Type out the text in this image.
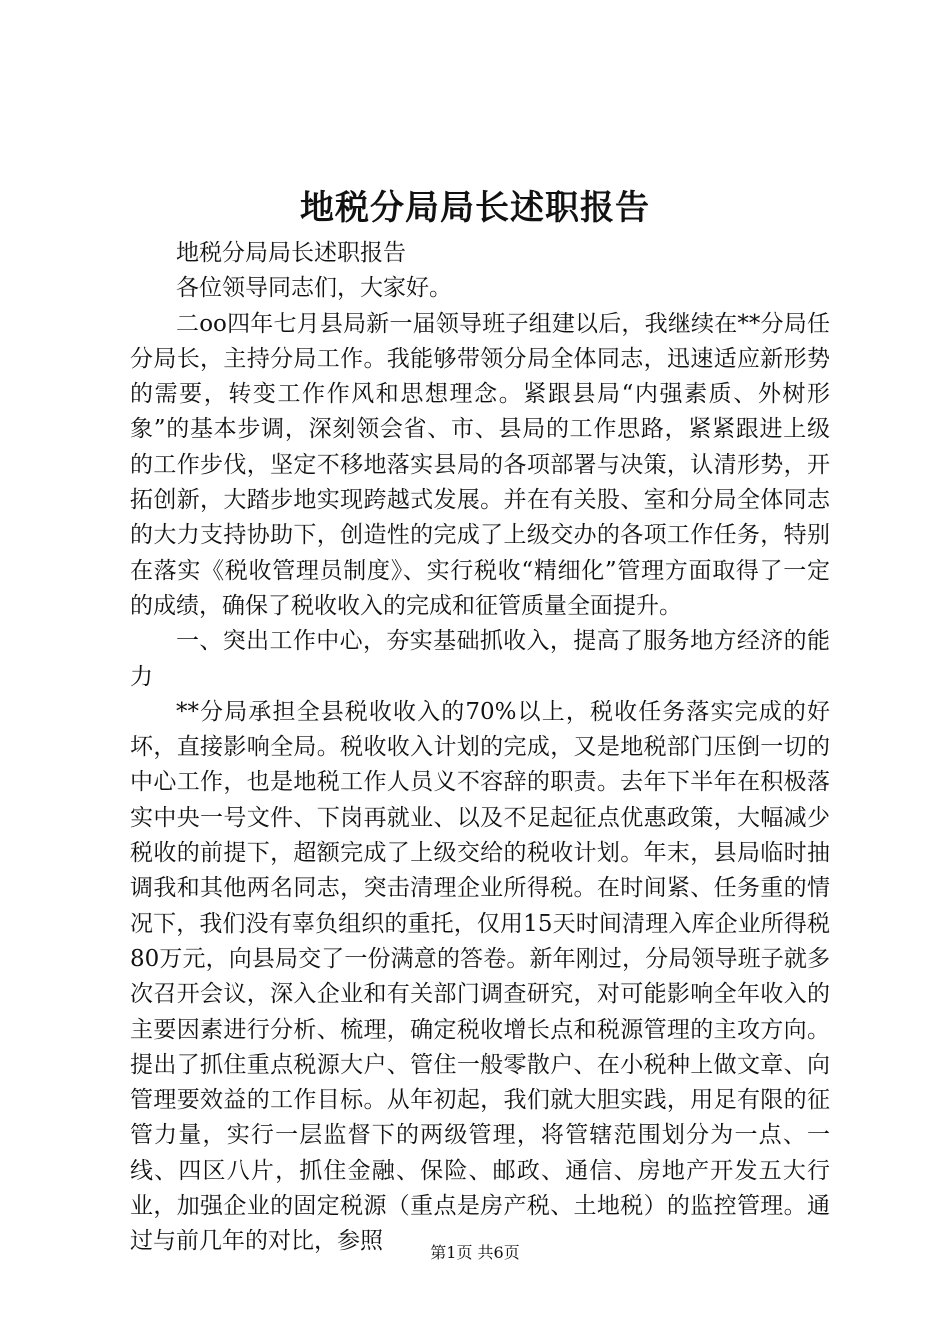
地税分局局长述职报告

地税分局局长述职报告

各位领导同志们，大家好。

二oo四年七月县局新一届领导班子组建以后，我继续在**分局任分局长，主持分局工作。我能够带领分局全体同志，迅速适应新形势的需要，转变工作作风和思想理念。紧跟县局“内强素质、外树形象”的基本步调，深刻领会省、市、县局的工作思路，紧紧跟进上级的工作步伐，坚定不移地落实县局的各项部署与决策，认清形势，开拓创新，大踏步地实现跨越式发展。并在有关股、室和分局全体同志的大力支持协助下，创造性的完成了上级交办的各项工作任务，特别在落实《税收管理员制度》、实行税收“精细化”管理方面取得了一定的成绩，确保了税收收入的完成和征管质量全面提升。

一、突出工作中心，夯实基础抓收入，提高了服务地方经济的能力

**分局承担全县税收收入的70%以上，税收任务落实完成的好坏，直接影响全局。税收收入计划的完成，又是地税部门压倒一切的中心工作，也是地税工作人员义不容辞的职责。去年下半年在积极落实中央一号文件、下岗再就业、以及不足起征点优惠政策，大幅减少税收的前提下，超额完成了上级交给的税收计划。年末，县局临时抽调我和其他两名同志，突击清理企业所得税。在时间紧、任务重的情况下，我们没有辜负组织的重托，仅用15天时间清理入库企业所得税80万元，向县局交了一份满意的答卷。新年刚过，分局领导班子就多次召开会议，深入企业和有关部门调查研究，对可能影响全年收入的主要因素进行分析、梳理，确定税收增长点和税源管理的主攻方向。提出了抓住重点税源大户、管住一般零散户、在小税种上做文章、向管理要效益的工作目标。从年初起，我们就大胆实践，用足有限的征管力量，实行一层监督下的两级管理，将管辖范围划分为一点、一线、四区八片，抓住金融、保险、邮政、通信、房地产开发五大行业，加强企业的固定税源（重点是房产税、土地税）的监控管理。通过与前几年的对比，参照	第1页 共6页
